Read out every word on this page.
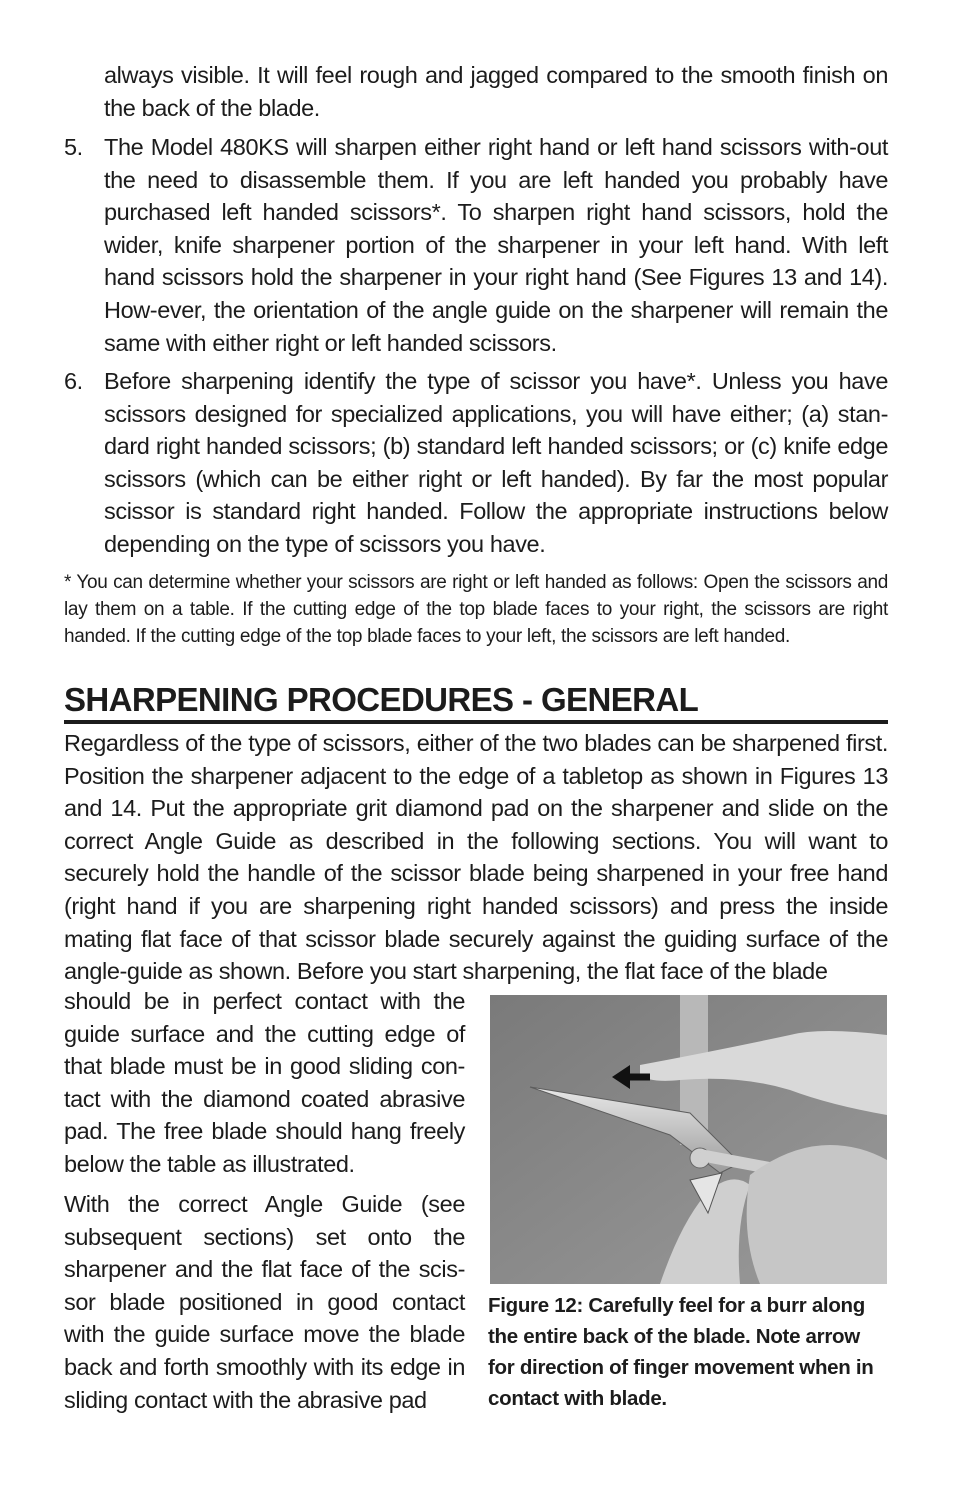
always visible. It will feel rough and jagged compared to the smooth finish on the back of the blade.
5. The Model 480KS will sharpen either right hand or left hand scissors with-out the need to disassemble them. If you are left handed you probably have purchased left handed scissors*. To sharpen right hand scissors, hold the wider, knife sharpener portion of the sharpener in your left hand. With left hand scissors hold the sharpener in your right hand (See Figures 13 and 14). How-ever, the orientation of the angle guide on the sharpener will remain the same with either right or left handed scissors.
6. Before sharpening identify the type of scissor you have*. Unless you have scissors designed for specialized applications, you will have either; (a) stan-dard right handed scissors; (b) standard left handed scissors; or (c) knife edge scissors (which can be either right or left handed). By far the most popular scissor is standard right handed. Follow the appropriate instructions below depending on the type of scissors you have.
* You can determine whether your scissors are right or left handed as follows: Open the scissors and lay them on a table. If the cutting edge of the top blade faces to your right, the scissors are right handed. If the cutting edge of the top blade faces to your left, the scissors are left handed.
SHARPENING PROCEDURES - GENERAL
Regardless of the type of scissors, either of the two blades can be sharpened first. Position the sharpener adjacent to the edge of a tabletop as shown in Figures 13 and 14. Put the appropriate grit diamond pad on the sharpener and slide on the correct Angle Guide as described in the following sections. You will want to securely hold the handle of the scissor blade being sharpened in your free hand (right hand if you are sharpening right handed scissors) and press the inside mating flat face of that scissor blade securely against the guiding surface of the angle-guide as shown. Before you start sharpening, the flat face of the blade
should be in perfect contact with the guide surface and the cutting edge of that blade must be in good sliding con-tact with the diamond coated abrasive pad. The free blade should hang freely below the table as illustrated.
With the correct Angle Guide (see subsequent sections) set onto the sharpener and the flat face of the scis-sor blade positioned in good contact with the guide surface move the blade back and forth smoothly with its edge in sliding contact with the abrasive pad
Figure 12: Carefully feel for a burr along the entire back of the blade. Note arrow for direction of finger movement when in contact with blade.
